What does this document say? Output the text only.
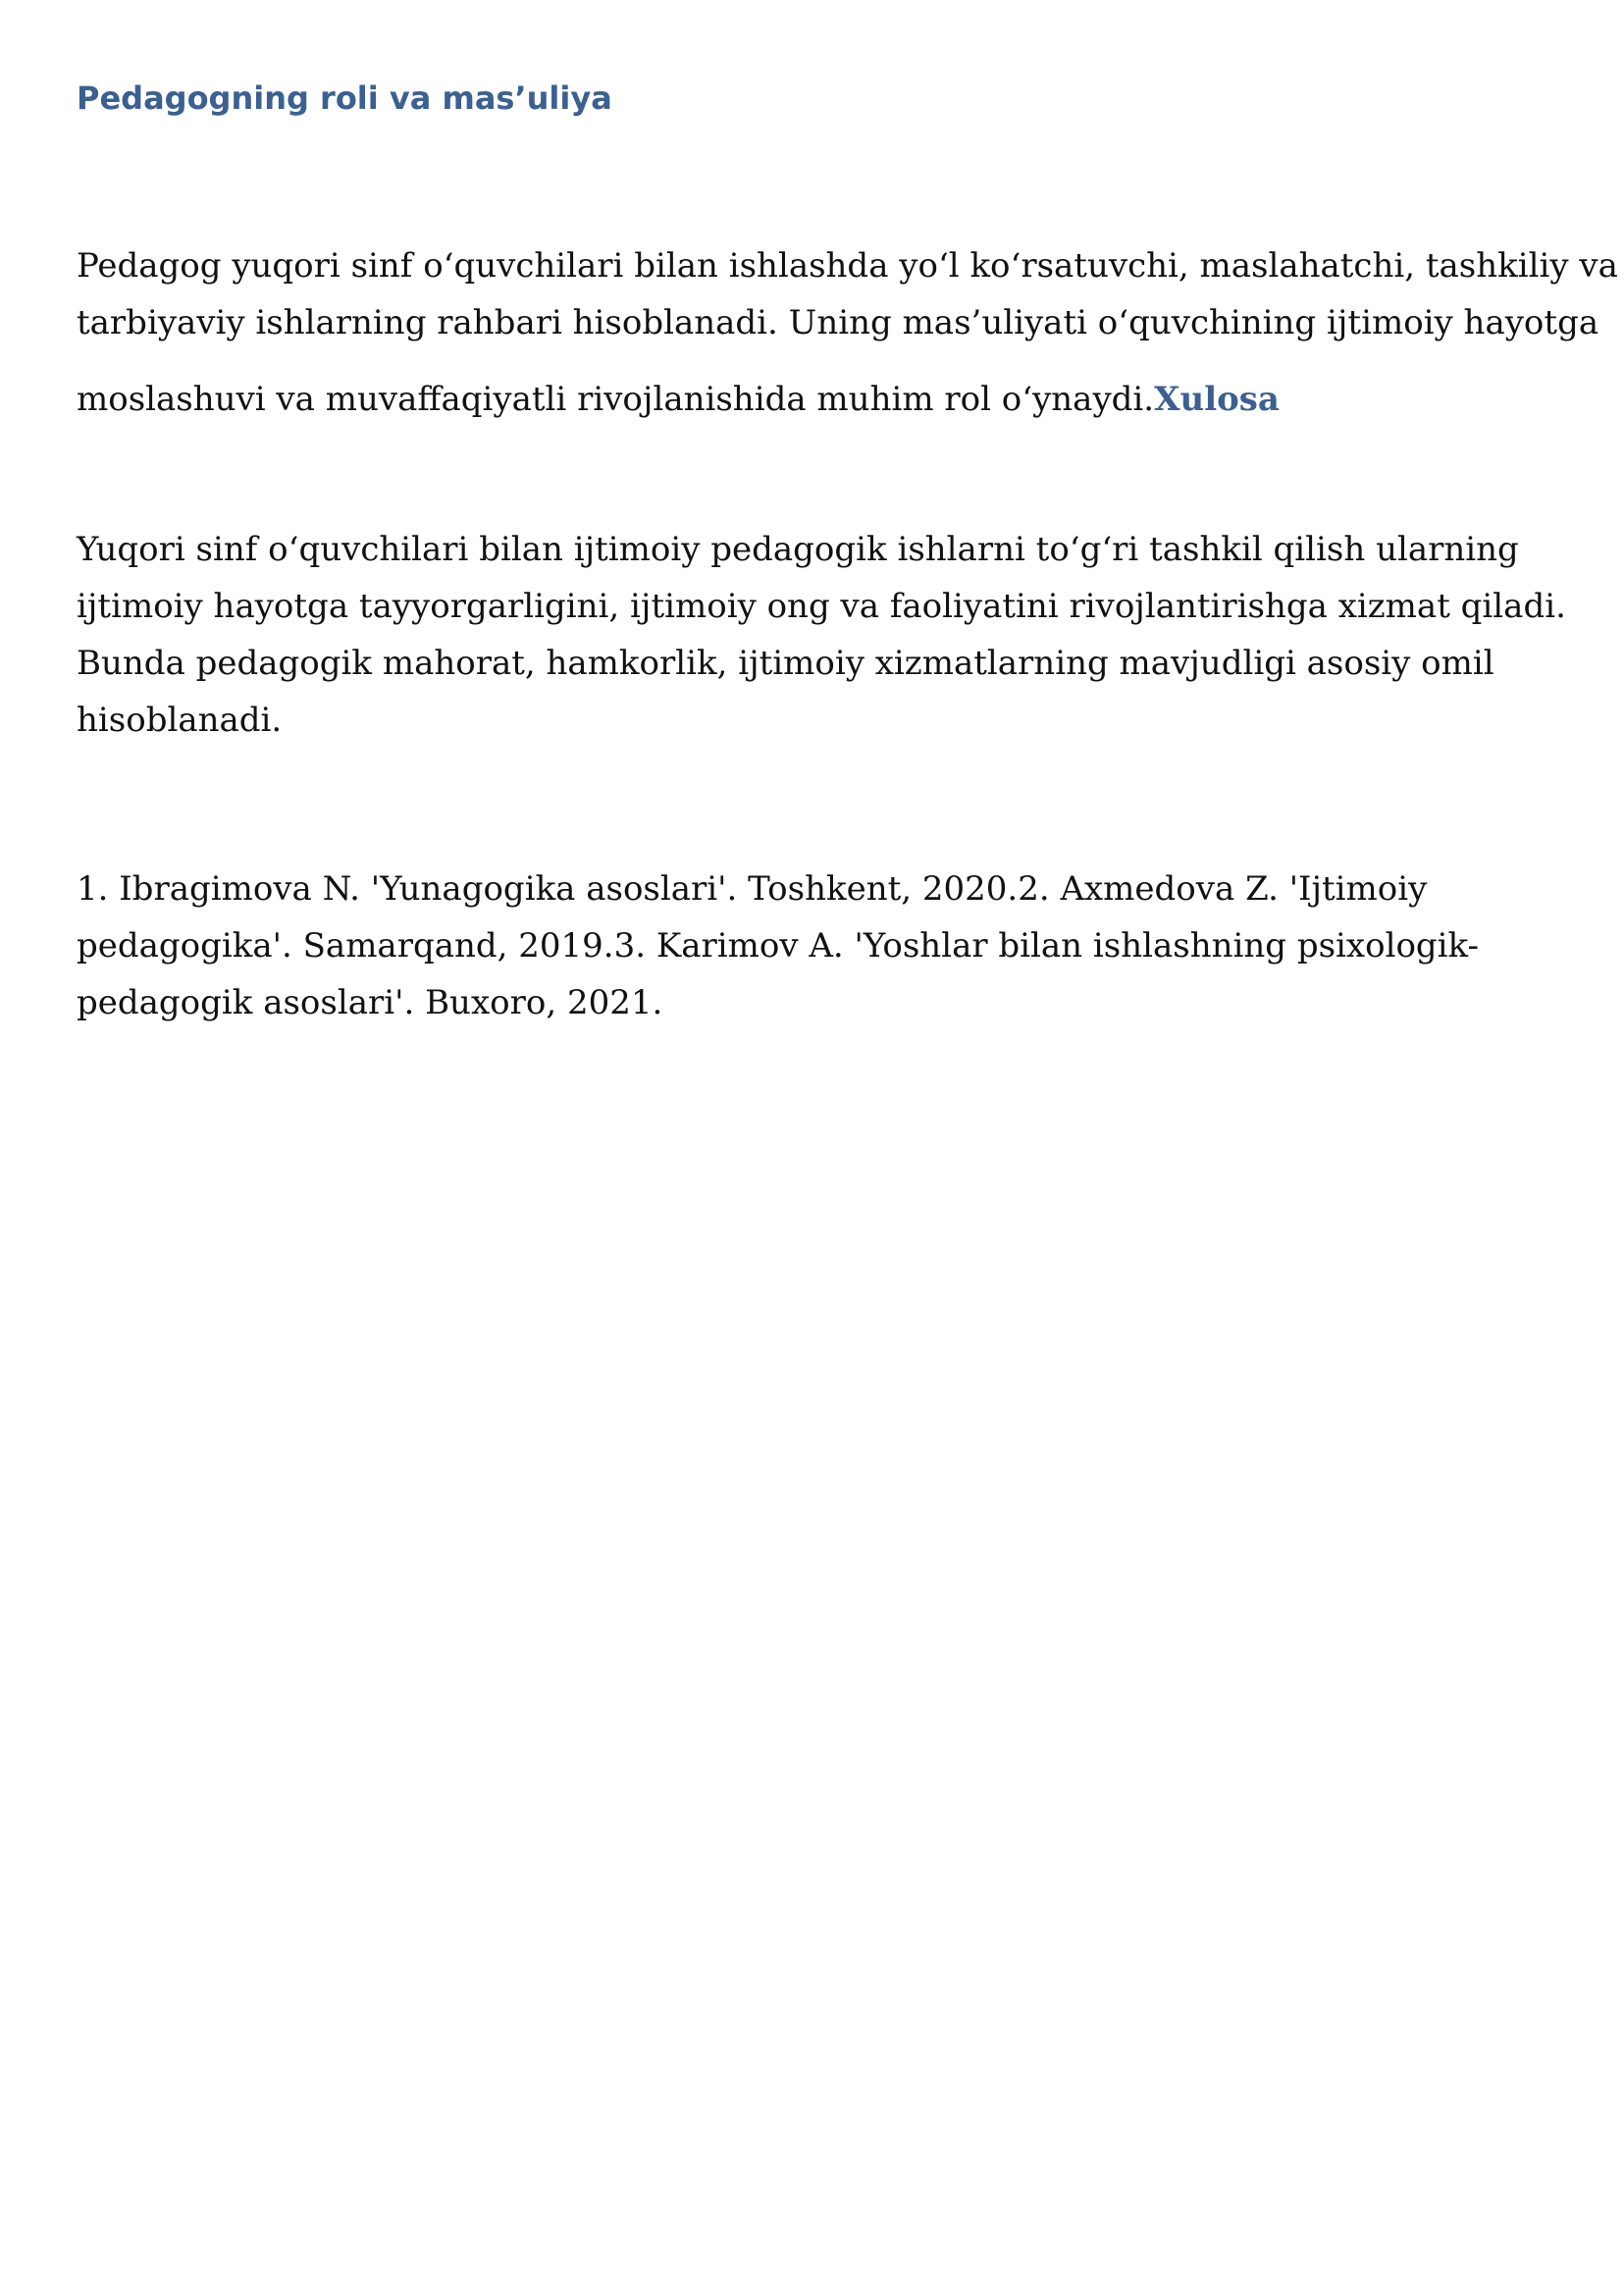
Pedagogning roli va mas’uliya

Pedagog yuqori sinf o‘quvchilari bilan ishlashda yo‘l ko‘rsatuvchi, maslahatchi, tashkiliy va
tarbiyaviy ishlarning rahbari hisoblanadi. Uning mas’uliyati o‘quvchining ijtimoiy hayotga
moslashuvi va muvaffaqiyatli rivojlanishida muhim rol o‘ynaydi.Xulosa

Yuqori sinf o‘quvchilari bilan ijtimoiy pedagogik ishlarni to‘g‘ri tashkil qilish ularning
ijtimoiy hayotga tayyorgarligini, ijtimoiy ong va faoliyatini rivojlantirishga xizmat qiladi.
Bunda pedagogik mahorat, hamkorlik, ijtimoiy xizmatlarning mavjudligi asosiy omil
hisoblanadi.

1. Ibragimova N. 'Yunagogika asoslari'. Toshkent, 2020.2. Axmedova Z. 'Ijtimoiy
pedagogika'. Samarqand, 2019.3. Karimov A. 'Yoshlar bilan ishlashning psixologik-
pedagogik asoslari'. Buxoro, 2021.
